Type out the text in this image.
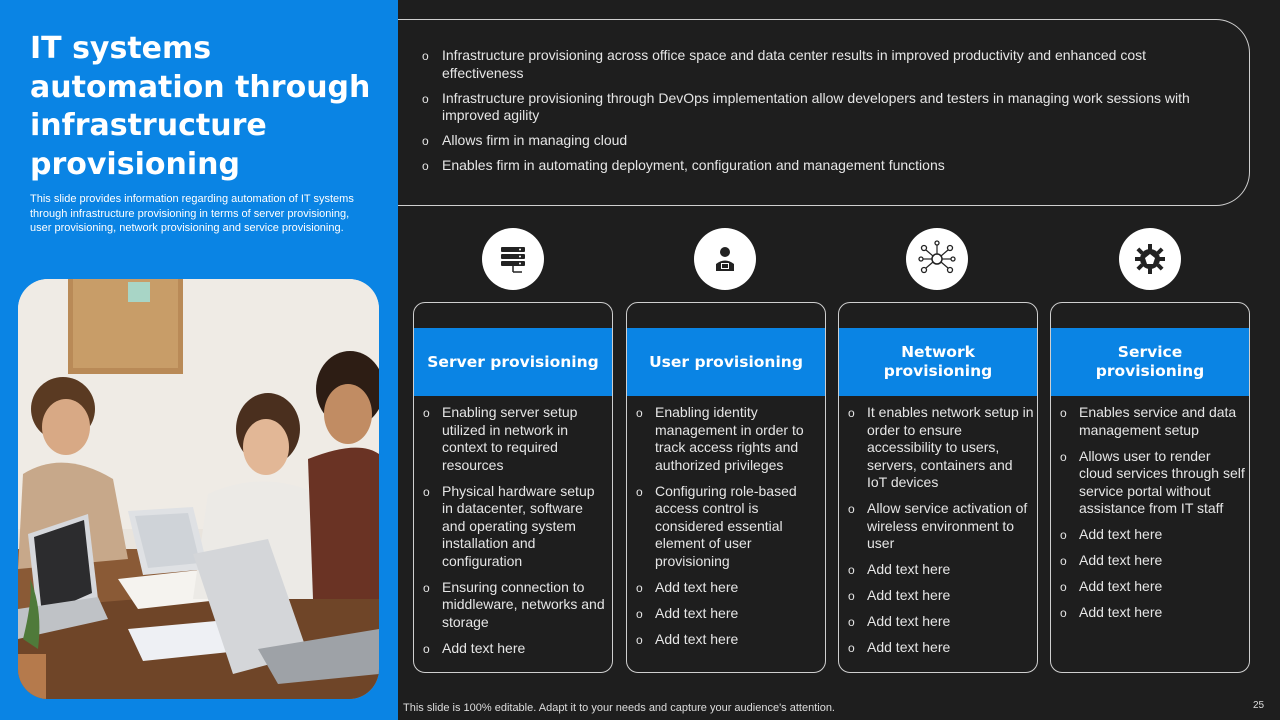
IT systems automation through infrastructure provisioning

This slide provides information regarding automation of IT systems through infrastructure provisioning in terms of server provisioning, user provisioning, network provisioning and service provisioning.

o Infrastructure provisioning across office space and data center results in improved productivity and enhanced cost effectiveness
o Infrastructure provisioning through DevOps implementation allow developers and testers in managing work sessions with improved agility
o Allows firm in managing cloud
o Enables firm in automating deployment, configuration and management functions
Server provisioning
o Enabling server setup utilized in network in context to required resources
o Physical hardware setup in datacenter, software and operating system installation and configuration
o Ensuring connection to middleware, networks and storage
o Add text here
User provisioning
o Enabling identity management in order to track access rights and authorized privileges
o Configuring role-based access control is considered essential element of user provisioning
o Add text here
o Add text here
o Add text here
Network provisioning
o It enables network setup in order to ensure accessibility to users, servers, containers and IoT devices
o Allow service activation of wireless environment to user
o Add text here
o Add text here
o Add text here
o Add text here
Service provisioning
o Enables service and data management setup
o Allows user to render cloud services through self service portal without assistance from IT staff
o Add text here
o Add text here
o Add text here
o Add text here
This slide is 100% editable. Adapt it to your needs and capture your audience's attention.	25
